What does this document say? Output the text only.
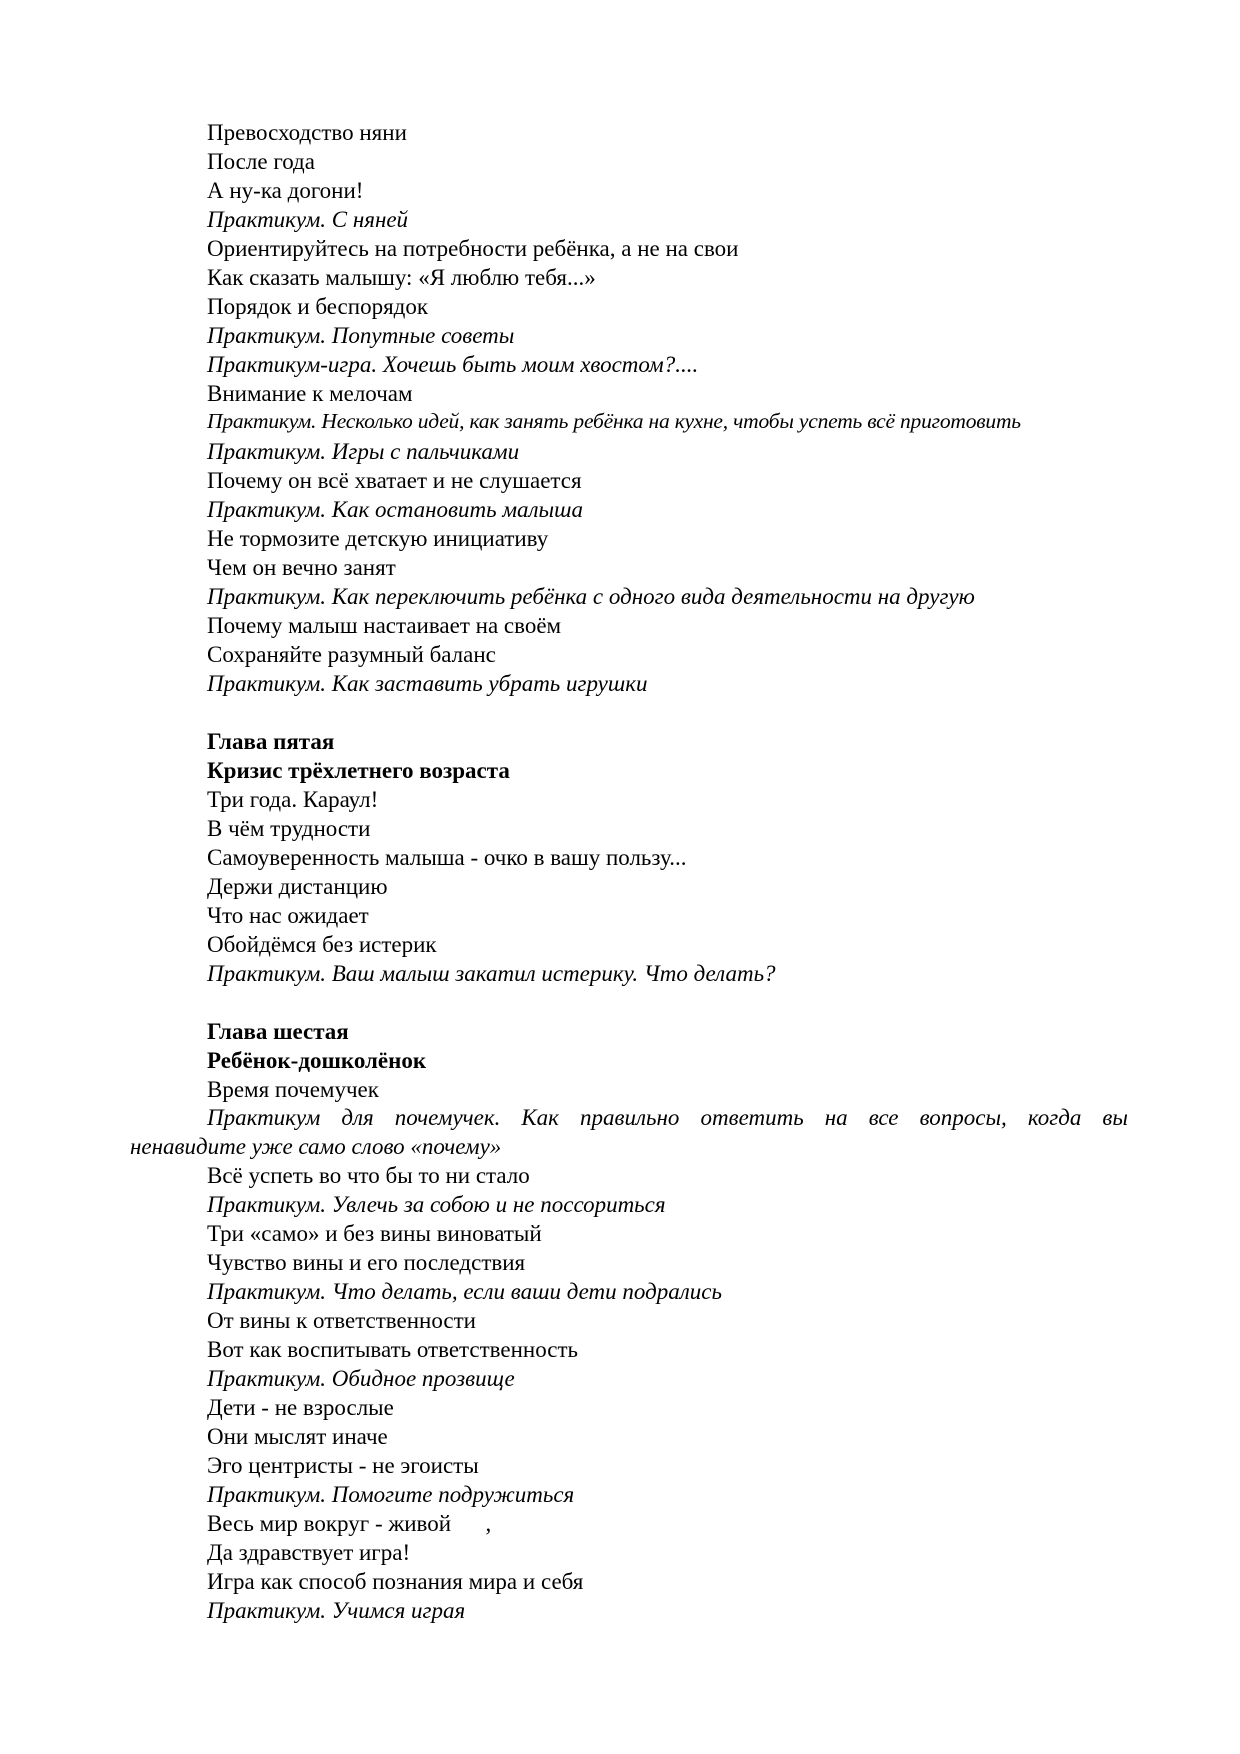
Превосходство няни
После года
А ну-ка догони!
Практикум. С няней
Ориентируйтесь на потребности ребёнка, а не на свои
Как сказать малышу: «Я люблю тебя...»
Порядок и беспорядок
Практикум. Попутные советы
Практикум-игра. Хочешь быть моим хвостом?....
Внимание к мелочам
Практикум. Несколько идей, как занять ребёнка на кухне, чтобы успеть всё приготовить
Практикум. Игры с пальчиками
Почему он всё хватает и не слушается
Практикум. Как остановить малыша
Не тормозите детскую инициативу
Чем он вечно занят
Практикум. Как переключить ребёнка с одного вида деятельности на другую
Почему малыш настаивает на своём
Сохраняйте разумный баланс
Практикум. Как заставить убрать игрушки
Глава пятая
Кризис трёхлетнего возраста
Три года. Караул!
В чём трудности
Самоуверенность малыша - очко в вашу пользу...
Держи дистанцию
Что нас ожидает
Обойдёмся без истерик
Практикум. Ваш малыш закатил истерику. Что делать?
Глава шестая
Ребёнок-дошколёнок
Время почемучек
Практикум для почемучек. Как правильно ответить на все вопросы, когда вы
ненавидите уже само слово «почему»
Всё успеть во что бы то ни стало
Практикум. Увлечь за собою и не поссориться
Три «само» и без вины виноватый
Чувство вины и его последствия
Практикум. Что делать, если ваши дети подрались
От вины к ответственности
Вот как воспитывать ответственность
Практикум. Обидное прозвище
Дети - не взрослые
Они мыслят иначе
Эго центристы - не эгоисты
Практикум. Помогите подружиться
Весь мир вокруг - живой      ,
Да здравствует игра!
Игра как способ познания мира и себя
Практикум. Учимся играя
